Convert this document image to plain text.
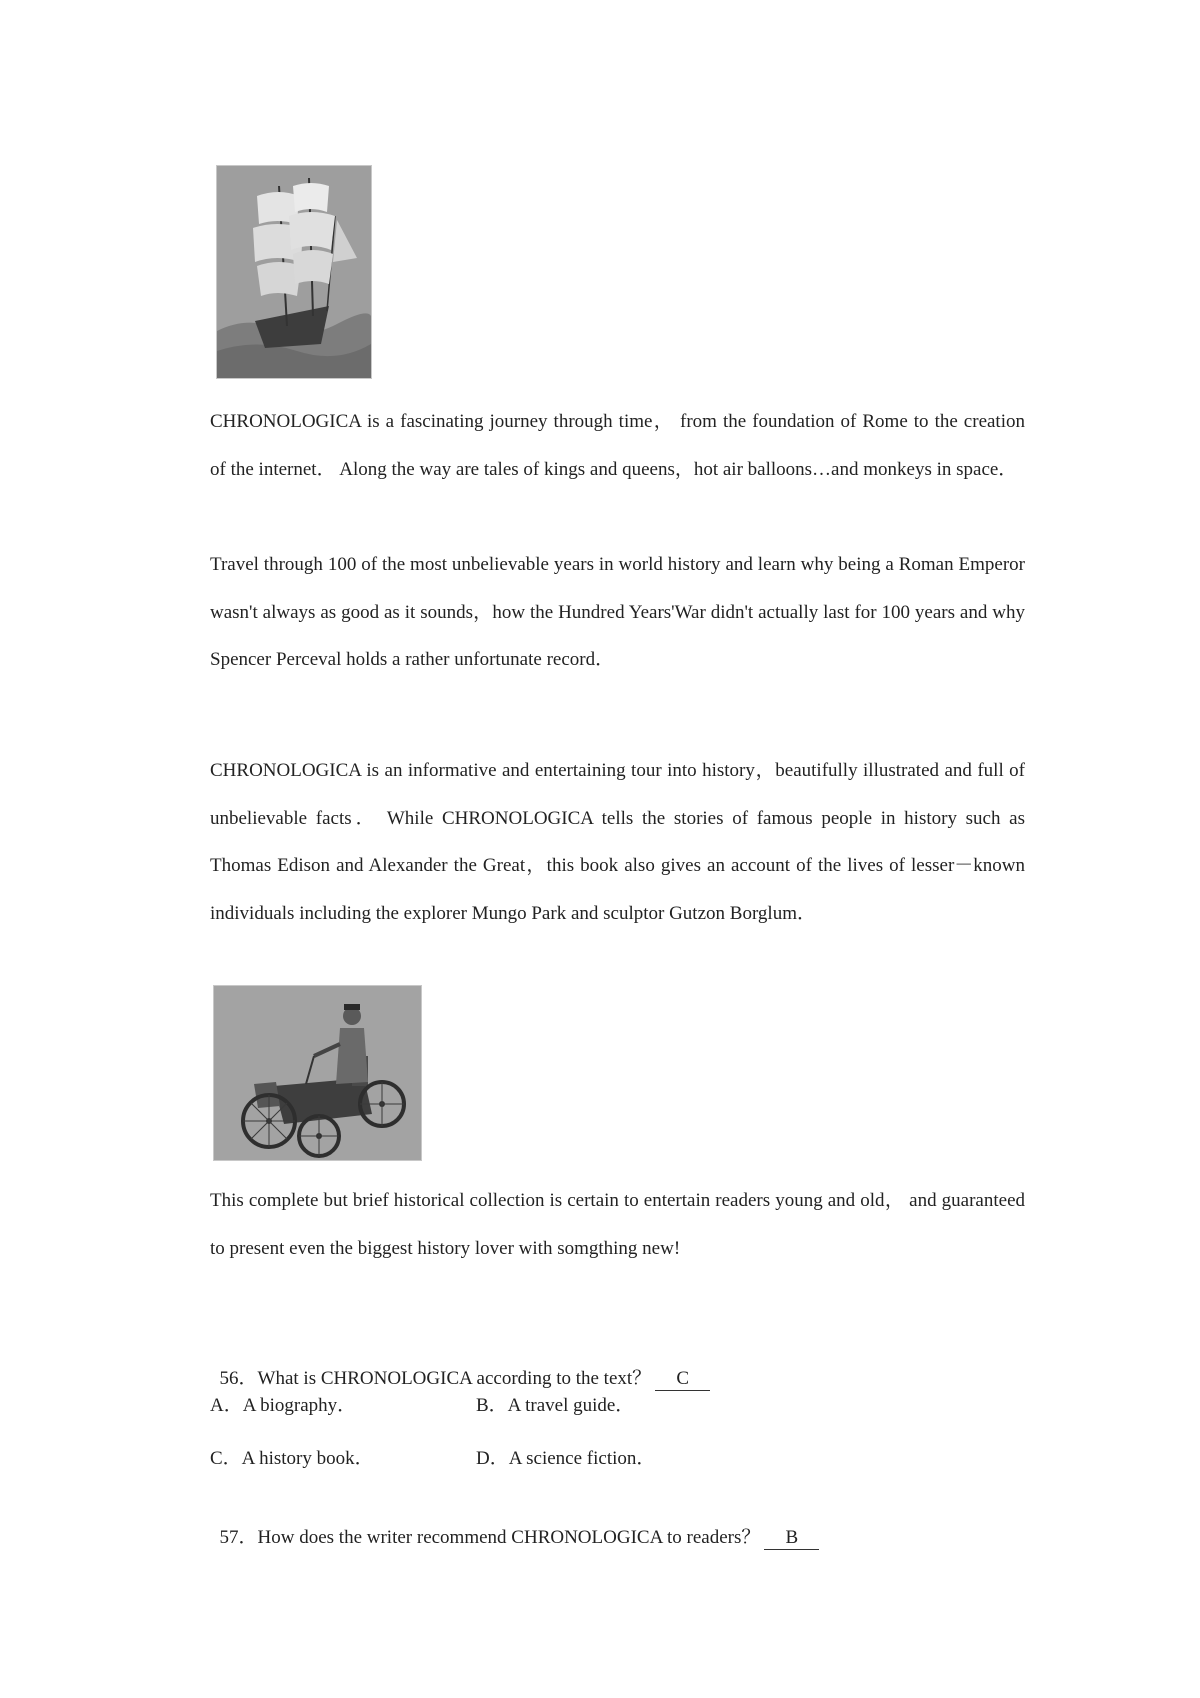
CHRONOLOGICA is a fascinating journey through time， from the foundation of Rome to the creation of the internet． Along the way are tales of kings and queens，hot air balloons…and monkeys in space．

Travel through 100 of the most unbelievable years in world history and learn why being a Roman Emperor wasn't always as good as it sounds，how the Hundred Years'War didn't actually last for 100 years and why Spencer Perceval holds a rather unfortunate record．

CHRONOLOGICA is an informative and entertaining tour into history，beautifully illustrated and full of unbelievable facts． While CHRONOLOGICA tells the stories of famous people in history such as Thomas Edison and Alexander the Great，this book also gives an account of the lives of lesser－known individuals including the explorer Mungo Park and sculptor Gutzon Borglum．

This complete but brief historical collection is certain to entertain readers young and old， and guaranteed to present even the biggest history lover with somgthing new!

56．What is CHRONOLOGICA according to the text？ C

A．A biography．	B．A travel guide．
C．A history book．	D．A science fiction．

57．How does the writer recommend CHRONOLOGICA to readers？ B
